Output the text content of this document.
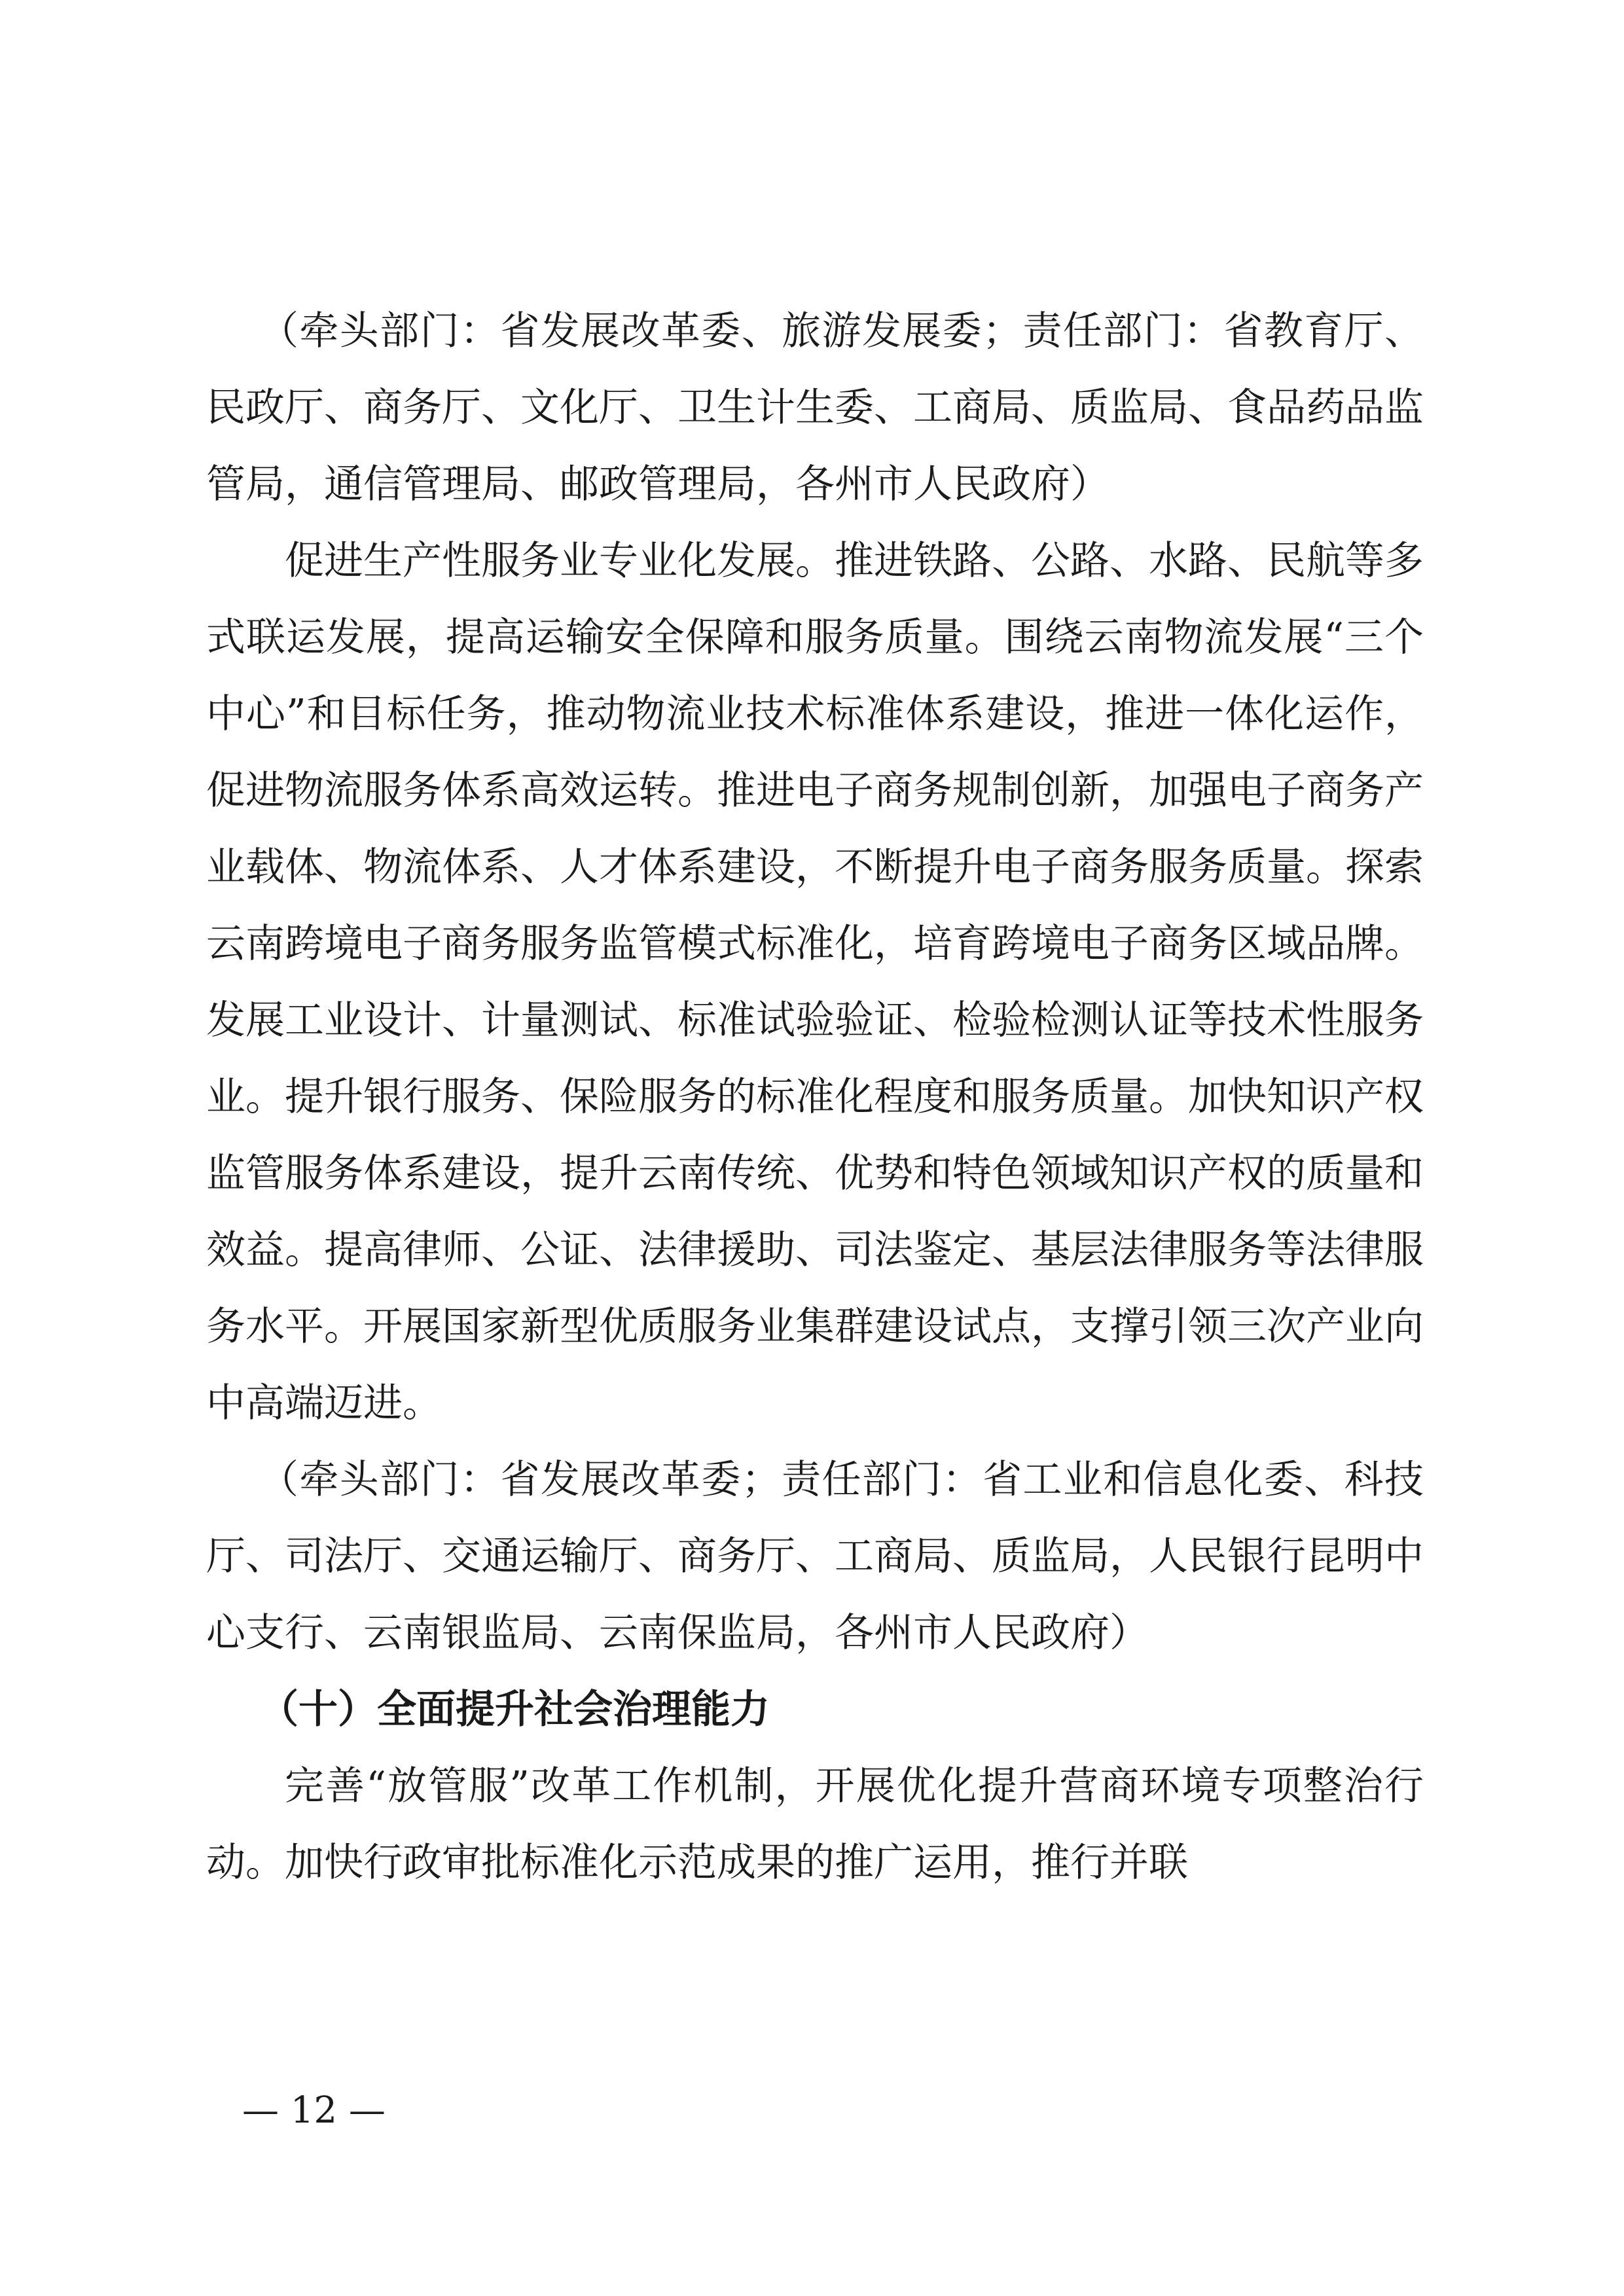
（牵头部门：省发展改革委、旅游发展委；责任部门：省教育厅、民政厅、商务厅、文化厅、卫生计生委、工商局、质监局、食品药品监管局，通信管理局、邮政管理局，各州市人民政府）

促进生产性服务业专业化发展。推进铁路、公路、水路、民航等多式联运发展，提高运输安全保障和服务质量。围绕云南物流发展“三个中心”和目标任务，推动物流业技术标准体系建设，推进一体化运作，促进物流服务体系高效运转。推进电子商务规制创新，加强电子商务产业载体、物流体系、人才体系建设，不断提升电子商务服务质量。探索云南跨境电子商务服务监管模式标准化，培育跨境电子商务区域品牌。发展工业设计、计量测试、标准试验验证、检验检测认证等技术性服务业。提升银行服务、保险服务的标准化程度和服务质量。加快知识产权监管服务体系建设，提升云南传统、优势和特色领域知识产权的质量和效益。提高律师、公证、法律援助、司法鉴定、基层法律服务等法律服务水平。开展国家新型优质服务业集群建设试点，支撑引领三次产业向中高端迈进。

（牵头部门：省发展改革委；责任部门：省工业和信息化委、科技厅、司法厅、交通运输厅、商务厅、工商局、质监局，人民银行昆明中心支行、云南银监局、云南保监局，各州市人民政府）

（十）全面提升社会治理能力

完善“放管服”改革工作机制，开展优化提升营商环境专项整治行动。加快行政审批标准化示范成果的推广运用，推行并联

— 12 —
